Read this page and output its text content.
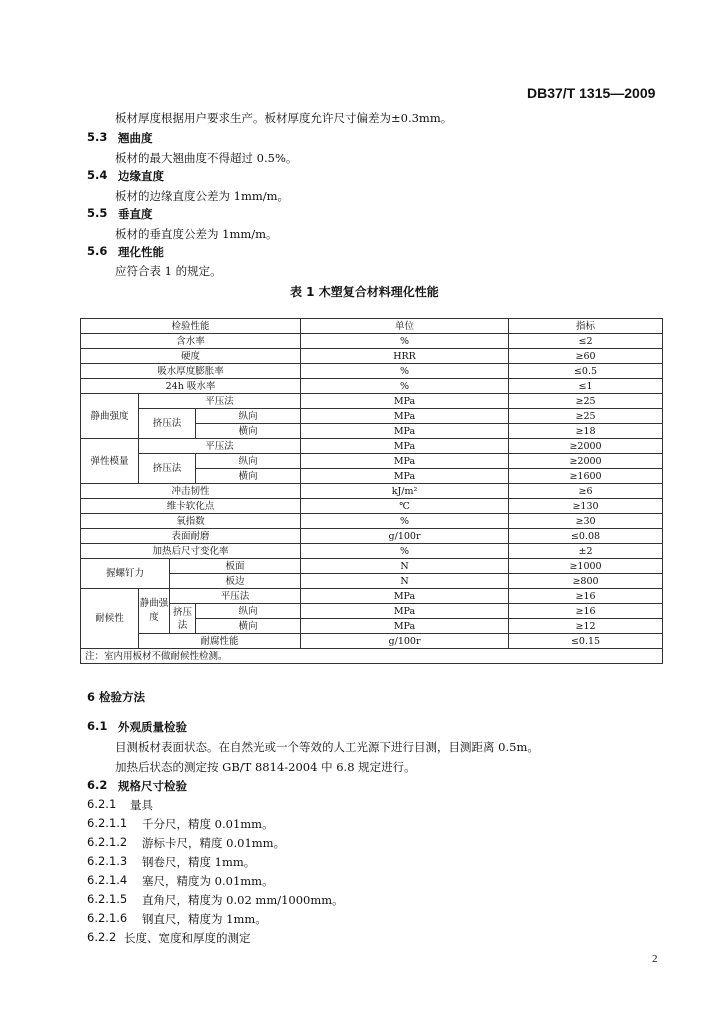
DB37/T 1315—2009
板材厚度根据用户要求生产。板材厚度允许尺寸偏差为±0.3mm。
5.3 翘曲度
板材的最大翘曲度不得超过 0.5%。
5.4 边缘直度
板材的边缘直度公差为 1mm/m。
5.5 垂直度
板材的垂直度公差为 1mm/m。
5.6 理化性能
应符合表 1 的规定。
表 1 木塑复合材料理化性能
检验性能				单位	指标
含水率				%	≤2
硬度				HRR	≥60
吸水厚度膨胀率				%	≤0.5
24h 吸水率				%	≤1
静曲强度	平压法			MPa	≥25
	挤压法		纵向	MPa	≥25
			横向	MPa	≥18
弹性模量	平压法			MPa	≥2000
	挤压法		纵向	MPa	≥2000
			横向	MPa	≥1600
冲击韧性				kJ/m²	≥6
维卡软化点				℃	≥130
氧指数				%	≥30
表面耐磨				g/100r	≤0.08
加热后尺寸变化率				%	±2
握螺钉力		板面		N	≥1000
		板边		N	≥800
耐候性	静曲强度	平压法		MPa	≥16
		挤压法	纵向	MPa	≥16
			横向	MPa	≥12
	耐腐性能			g/100r	≤0.15
注：室内用板材不做耐候性检测。					
6 检验方法
6.1 外观质量检验
目测板材表面状态。在自然光或一个等效的人工光源下进行目测，目测距离 0.5m。
加热后状态的测定按 GB/T 8814-2004 中 6.8 规定进行。
6.2 规格尺寸检验
6.2.1 量具
6.2.1.1 千分尺，精度 0.01mm。
6.2.1.2 游标卡尺，精度 0.01mm。
6.2.1.3 钢卷尺，精度 1mm。
6.2.1.4 塞尺，精度为 0.01mm。
6.2.1.5 直角尺，精度为 0.02 mm/1000mm。
6.2.1.6 钢直尺，精度为 1mm。
6.2.2 长度、宽度和厚度的测定
2
